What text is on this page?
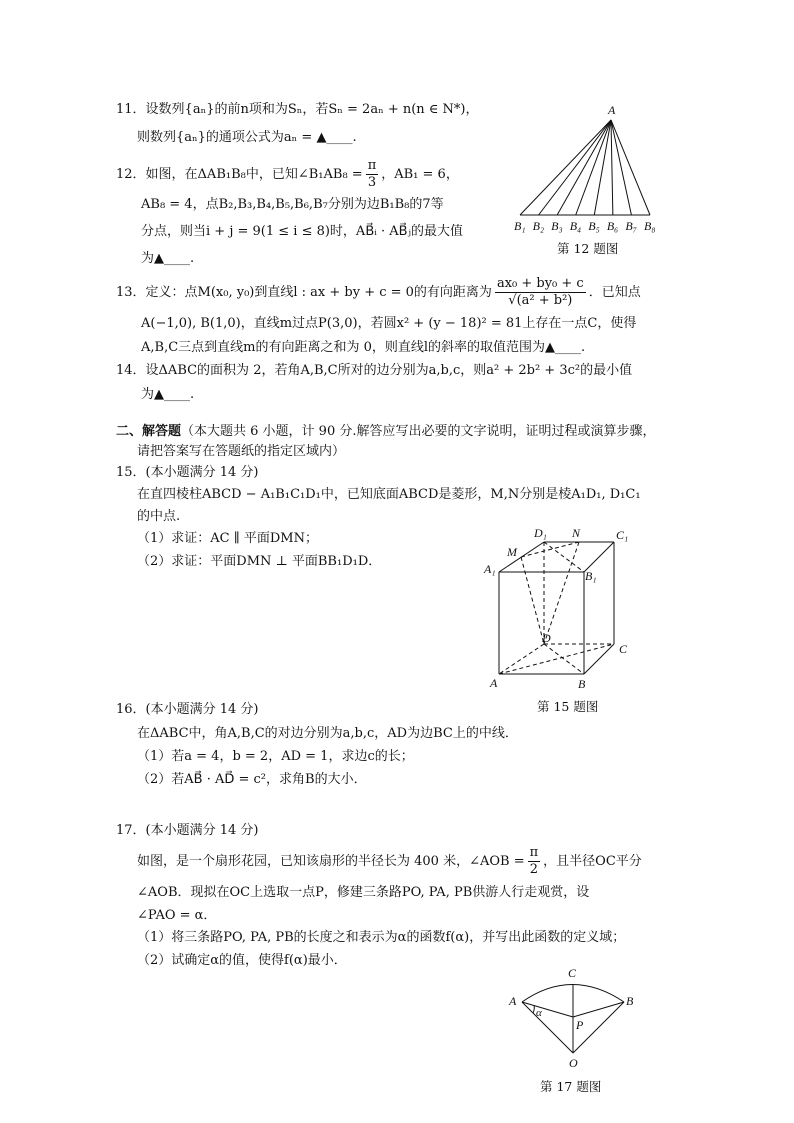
11．设数列{aₙ}的前n项和为Sₙ，若Sₙ = 2aₙ + n(n ∈ N*)，
则数列{aₙ}的通项公式为aₙ = ▲____.
12．如图，在ΔAB₁B₈中，已知∠B₁AB₈ = $\frac{\pi}{3}$ ，AB₁ = 6，
AB₈ = 4，点B₂,B₃,B₄,B₅,B₆,B₇分别为边B₁B₈的7等
分点，则当i + j = 9(1 ≤ i ≤ 8)时，AB⃗ᵢ · AB⃗ⱼ的最大值
为▲____.
A
B₁ B₂ B₃ B₄ B₅ B₆ B₇ B₈
第 12 题图
13．定义：点M(x₀, y₀)到直线l : ax + by + c = 0的有向距离为 $\frac{\text{ax₀ + by₀ + c}}{\text{√(a² + b²)}}$ ．已知点
A(−1,0), B(1,0)，直线m过点P(3,0)，若圆x² + (y − 18)² = 81上存在一点C，使得
A,B,C三点到直线m的有向距离之和为 0，则直线l的斜率的取值范围为▲____.
14．设ΔABC的面积为 2，若角A,B,C所对的边分别为a,b,c，则a² + 2b² + 3c²的最小值
为▲____.
二、解答题（本大题共 6 小题，计 90 分.解答应写出必要的文字说明，证明过程或演算步骤，
请把答案写在答题纸的指定区域内）
15．(本小题满分 14 分)
在直四棱柱ABCD − A₁B₁C₁D₁中，已知底面ABCD是菱形，M,N分别是棱A₁D₁, D₁C₁
的中点.
（1）求证：AC ∥ 平面DMN；
（2）求证：平面DMN ⊥ 平面BB₁D₁D．
D₁ N	C₁
M
A₁	B₁
D
C
A	B
第 15 题图
16．(本小题满分 14 分)
在ΔABC中，角A,B,C的对边分别为a,b,c，AD为边BC上的中线．
（1）若a = 4，b = 2，AD = 1，求边c的长；
（2）若AB⃗ · AD⃗ = c²，求角B的大小．
17．(本小题满分 14 分)
如图，是一个扇形花园，已知该扇形的半径长为 400 米，∠AOB = $\frac{\pi}{2}$ ，且半径OC平分
∠AOB．现拟在OC上选取一点P，修建三条路PO, PA, PB供游人行走观赏，设
∠PAO = α．
（1）将三条路PO, PA, PB的长度之和表示为α的函数f(α)，并写出此函数的定义域；
（2）试确定α的值，使得f(α)最小．
C
A	B
P
O
α
第 17 题图
